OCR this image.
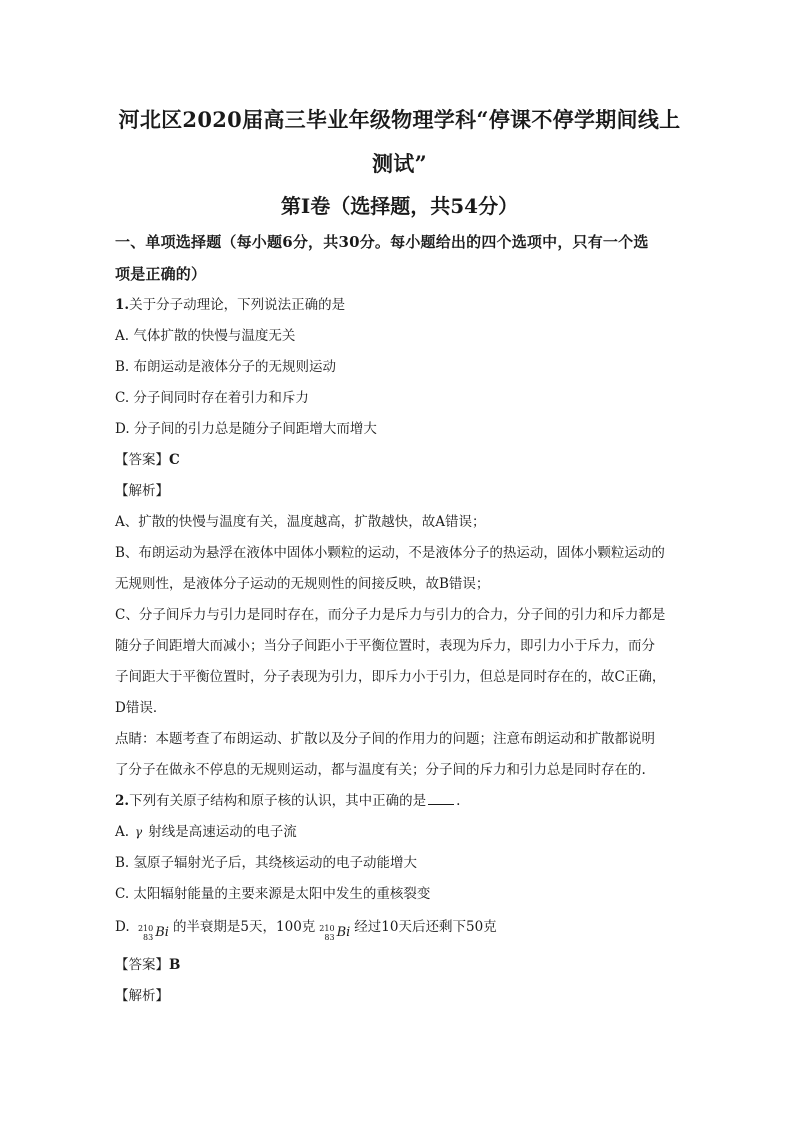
河北区2020届高三毕业年级物理学科“停课不停学期间线上

测试”

第I卷（选择题，共54分）

一、单项选择题（每小题6分，共30分。每小题给出的四个选项中，只有一个选

项是正确的）

1.关于分子动理论，下列说法正确的是

A. 气体扩散的快慢与温度无关

B. 布朗运动是液体分子的无规则运动

C. 分子间同时存在着引力和斥力

D. 分子间的引力总是随分子间距增大而增大

【答案】C

【解析】

A、扩散的快慢与温度有关，温度越高，扩散越快，故A错误；

B、布朗运动为悬浮在液体中固体小颗粒的运动，不是液体分子的热运动，固体小颗粒运动的

无规则性，是液体分子运动的无规则性的间接反映，故B错误；

C、分子间斥力与引力是同时存在，而分子力是斥力与引力的合力，分子间的引力和斥力都是

随分子间距增大而减小；当分子间距小于平衡位置时，表现为斥力，即引力小于斥力，而分

子间距大于平衡位置时，分子表现为引力，即斥力小于引力，但总是同时存在的，故C正确，

D错误．

点睛：本题考查了布朗运动、扩散以及分子间的作用力的问题；注意布朗运动和扩散都说明

了分子在做永不停息的无规则运动，都与温度有关；分子间的斥力和引力总是同时存在的.

2.下列有关原子结构和原子核的认识，其中正确的是 .

A. γ 射线是高速运动的电子流

B. 氢原子辐射光子后，其绕核运动的电子动能增大

C. 太阳辐射能量的主要来源是太阳中发生的重核裂变

D. 210
83 Bi 的半衰期是5天，100克 210
83 Bi 经过10天后还剩下50克

【答案】B

【解析】
